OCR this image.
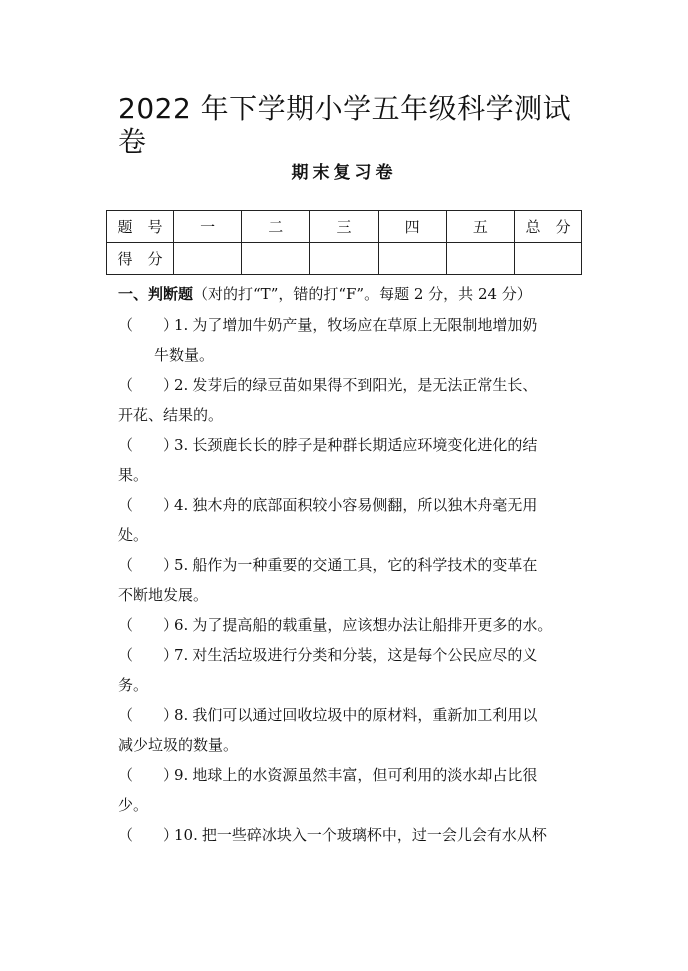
2022 年下学期小学五年级科学测试卷
期末复习卷
题　号	一	二	三	四	五	总　分
得　分						
一、判断题（对的打“T”，错的打“F”。每题 2 分，共 24 分）
（　　）1. 为了增加牛奶产量，牧场应在草原上无限制地增加奶
牛数量。
（　　）2. 发芽后的绿豆苗如果得不到阳光，是无法正常生长、
开花、结果的。
（　　）3. 长颈鹿长长的脖子是种群长期适应环境变化进化的结
果。
（　　）4. 独木舟的底部面积较小容易侧翻，所以独木舟毫无用
处。
（　　）5. 船作为一种重要的交通工具，它的科学技术的变革在
不断地发展。
（　　）6. 为了提高船的载重量，应该想办法让船排开更多的水。
（　　）7. 对生活垃圾进行分类和分装，这是每个公民应尽的义
务。
（　　）8. 我们可以通过回收垃圾中的原材料，重新加工利用以
减少垃圾的数量。
（　　）9. 地球上的水资源虽然丰富，但可利用的淡水却占比很
少。
（　　）10. 把一些碎冰块入一个玻璃杯中，过一会儿会有水从杯
